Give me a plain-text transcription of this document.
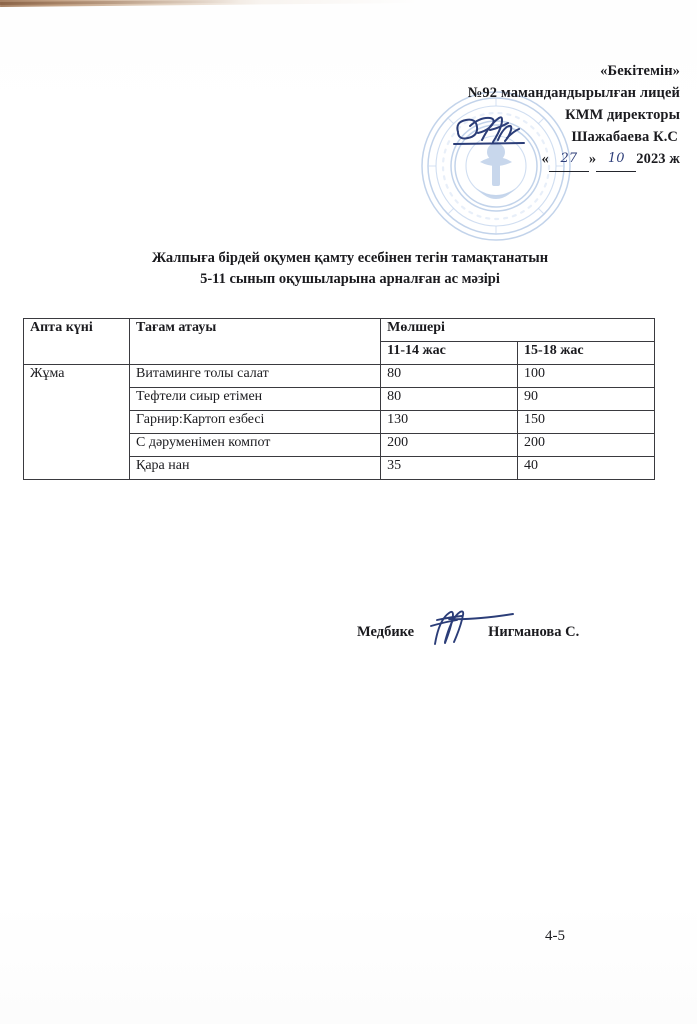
«Бекітемін»
№92 мамандандырылған лицей
КММ директоры
Шажабаева К.С
« 27 » 10 2023 ж
Жалпыға бірдей оқумен қамту есебінен тегін тамақтанатын
5-11 сынып оқушыларына арналған ас мәзірі
Апта күні	Тағам атауы	Мөлшері	
		11-14 жас	15-18 жас
Жұма	Витаминге толы салат	80	100
	Тефтели сиыр етімен	80	90
	Гарнир:Картоп езбесі	130	150
	С дәруменімен компот	200	200
	Қара нан	35	40
Медбике	Нигманова С.
4-5
